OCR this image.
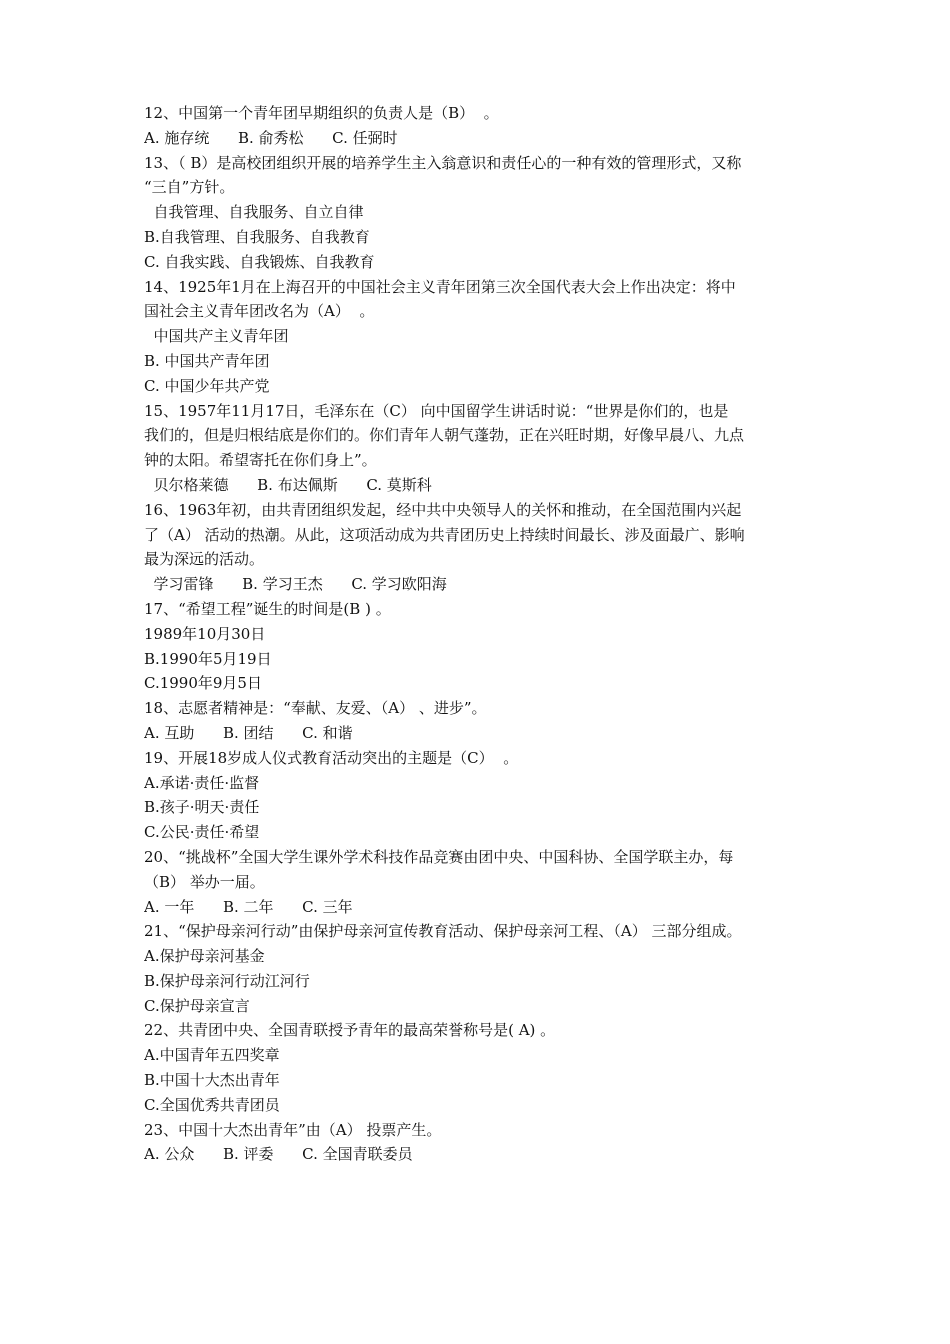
12、中国第一个青年团早期组织的负责人是（B）  。
A. 施存统      B. 俞秀松      C. 任弼时
13、（ B）是高校团组织开展的培养学生主入翁意识和责任心的一种有效的管理形式，又称
“三自”方针。
自我管理、自我服务、自立自律
B.自我管理、自我服务、自我教育
C. 自我实践、自我锻炼、自我教育
14、1925年1月在上海召开的中国社会主义青年团第三次全国代表大会上作出决定：将中
国社会主义青年团改名为（A）  。
中国共产主义青年团
B. 中国共产青年团
C. 中国少年共产党
15、1957年11月17日，毛泽东在（C） 向中国留学生讲话时说：“世界是你们的，也是
我们的，但是归根结底是你们的。你们青年人朝气蓬勃，正在兴旺时期，好像早晨八、九点
钟的太阳。希望寄托在你们身上”。
贝尔格莱德      B. 布达佩斯      C. 莫斯科
16、1963年初，由共青团组织发起，经中共中央领导人的关怀和推动，在全国范围内兴起
了（A） 活动的热潮。从此，这项活动成为共青团历史上持续时间最长、涉及面最广、影响
最为深远的活动。
学习雷锋      B. 学习王杰      C. 学习欧阳海
17、“希望工程”诞生的时间是(B ) 。
1989年10月30日
B.1990年5月19日
C.1990年9月5日
18、志愿者精神是：“奉献、友爱、（A） 、进步”。
A. 互助      B. 团结      C. 和谐
19、开展18岁成人仪式教育活动突出的主题是（C）  。
A.承诺·责任·监督
B.孩子·明天·责任
C.公民·责任·希望
20、“挑战杯”全国大学生课外学术科技作品竞赛由团中央、中国科协、全国学联主办，每
（B） 举办一届。
A. 一年      B. 二年      C. 三年
21、“保护母亲河行动”由保护母亲河宣传教育活动、保护母亲河工程、（A） 三部分组成。
A.保护母亲河基金
B.保护母亲河行动江河行
C.保护母亲宣言
22、共青团中央、全国青联授予青年的最高荣誉称号是( A) 。
A.中国青年五四奖章
B.中国十大杰出青年
C.全国优秀共青团员
23、中国十大杰出青年”由（A） 投票产生。
A. 公众      B. 评委      C. 全国青联委员
